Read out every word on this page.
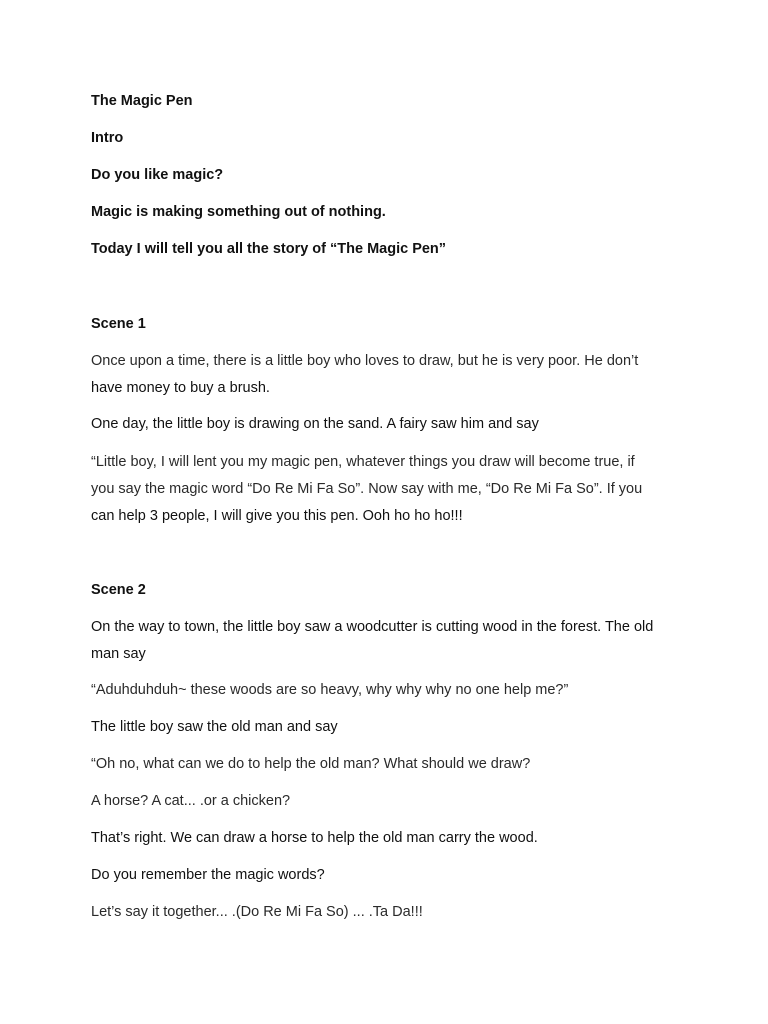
The Magic Pen

Intro

Do you like magic?

Magic is making something out of nothing.

Today I will tell you all the story of “The Magic Pen”

Scene 1

Once upon a time, there is a little boy who loves to draw, but he is very poor. He don’t

have money to buy a brush.

One day, the little boy is drawing on the sand. A fairy saw him and say

“Little boy, I will lent you my magic pen, whatever things you draw will become true, if

you say the magic word “Do Re Mi Fa So”. Now say with me, “Do Re Mi Fa So”. If you

can help 3 people, I will give you this pen. Ooh ho ho ho!!!

Scene 2

On the way to town, the little boy saw a woodcutter is cutting wood in the forest. The old

man say

“Aduhduhduh~ these woods are so heavy, why why why no one help me?”

The little boy saw the old man and say

“Oh no, what can we do to help the old man? What should we draw?

A horse? A cat... .or a chicken?

That’s right. We can draw a horse to help the old man carry the wood.

Do you remember the magic words?

Let’s say it together... .(Do Re Mi Fa So) ... .Ta Da!!!
